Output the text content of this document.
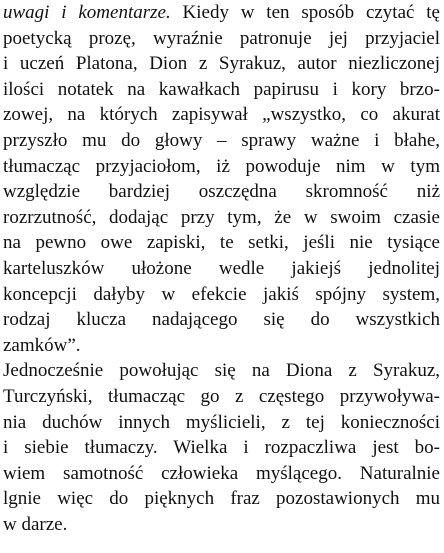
uwagi i komentarze. Kiedy w ten sposób czytać tę
poetycką prozę, wyraźnie patronuje jej przyjaciel
i uczeń Platona, Dion z Syrakuz, autor niezliczonej
ilości notatek na kawałkach papirusu i kory brzo-
zowej, na których zapisywał „wszystko, co akurat
przyszło mu do głowy – sprawy ważne i błahe,
tłumacząc przyjaciołom, iż powoduje nim w tym
względzie bardziej oszczędna skromność niż
rozrzutność, dodając przy tym, że w swoim czasie
na pewno owe zapiski, te setki, jeśli nie tysiące
karteluszków ułożone wedle jakiejś jednolitej
koncepcji dałyby w efekcie jakiś spójny system,
rodzaj klucza nadającego się do wszystkich
zamków”.
Jednocześnie powołując się na Diona z Syrakuz,
Turczyński, tłumacząc go z częstego przywoływa-
nia duchów innych myślicieli, z tej konieczności
i siebie tłumaczy. Wielka i rozpaczliwa jest bo-
wiem samotność człowieka myślącego. Naturalnie
lgnie więc do pięknych fraz pozostawionych mu
w darze.
